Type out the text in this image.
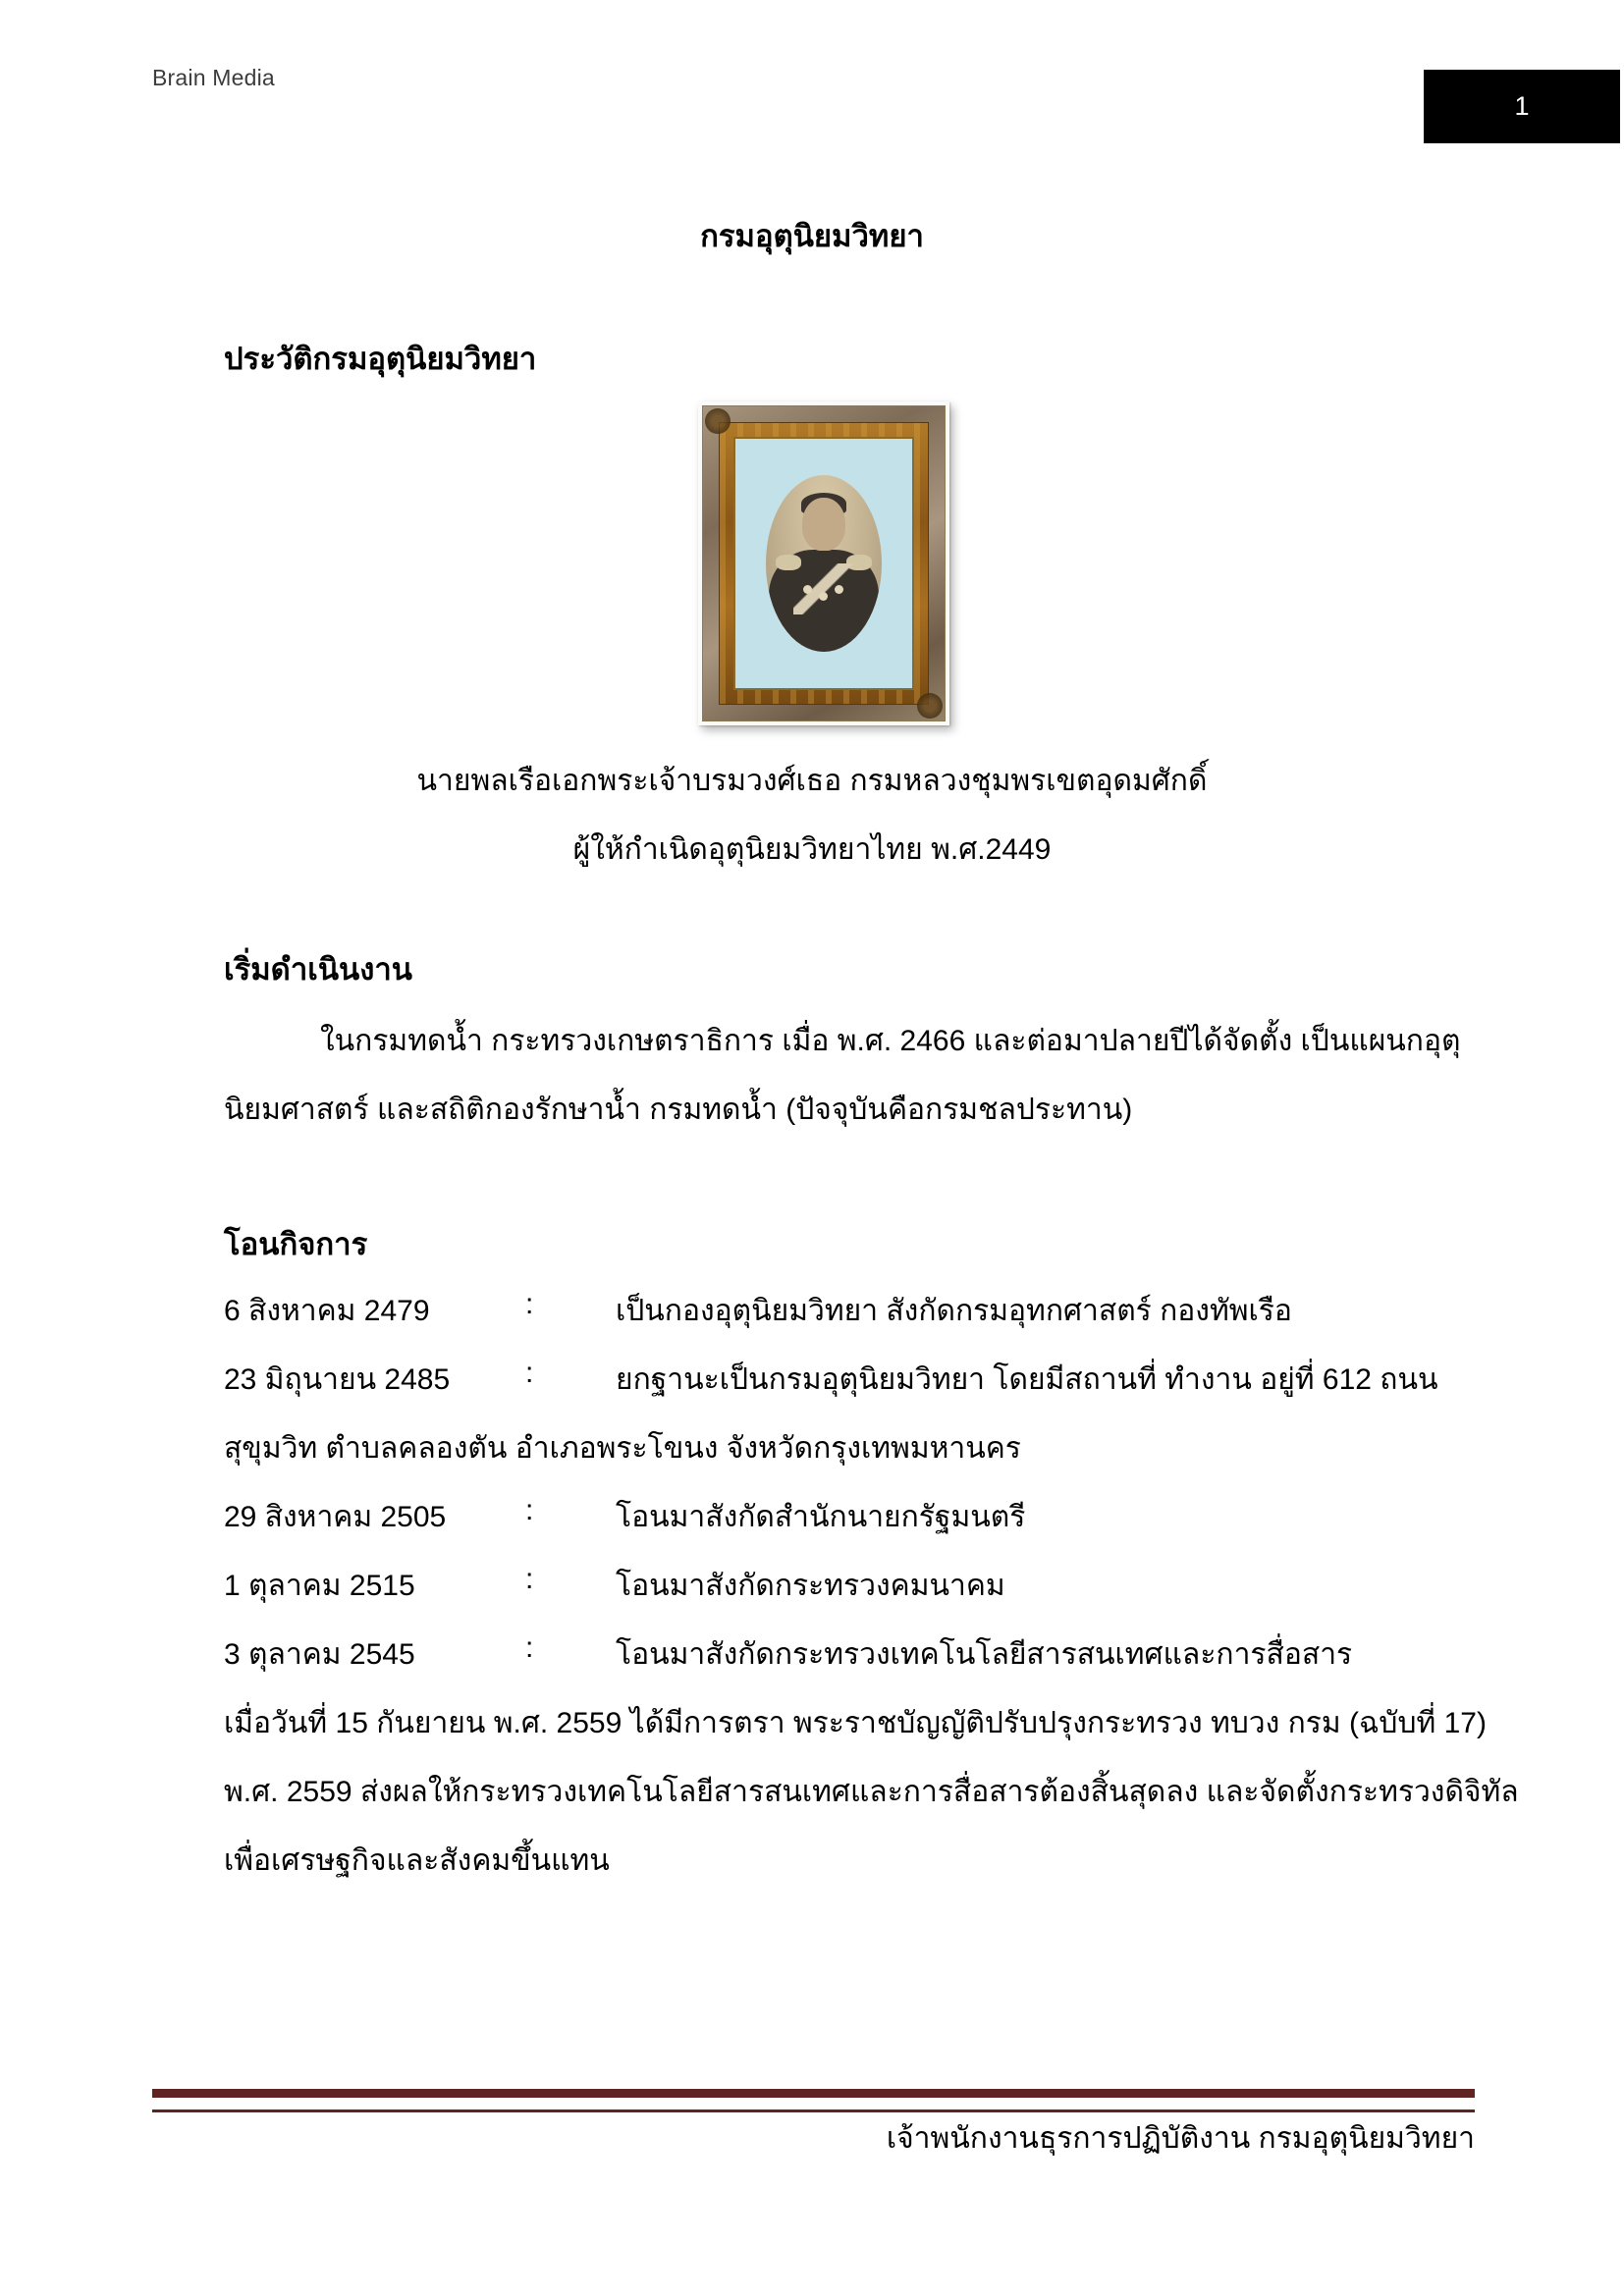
Brain Media
1
กรมอุตุนิยมวิทยา
ประวัติกรมอุตุนิยมวิทยา
นายพลเรือเอกพระเจ้าบรมวงศ์เธอ กรมหลวงชุมพรเขตอุดมศักดิ์
ผู้ให้กำเนิดอุตุนิยมวิทยาไทย พ.ศ.2449
เริ่มดำเนินงาน
ในกรมทดน้ำ กระทรวงเกษตราธิการ เมื่อ พ.ศ. 2466 และต่อมาปลายปีได้จัดตั้ง เป็นแผนกอุตุ
นิยมศาสตร์ และสถิติกองรักษาน้ำ กรมทดน้ำ (ปัจจุบันคือกรมชลประทาน)
โอนกิจการ
6 สิงหาคม 2479	:	เป็นกองอุตุนิยมวิทยา สังกัดกรมอุทกศาสตร์ กองทัพเรือ
23 มิถุนายน 2485	:	ยกฐานะเป็นกรมอุตุนิยมวิทยา โดยมีสถานที่ ทำงาน อยู่ที่ 612 ถนน
สุขุมวิท ตำบลคลองตัน อำเภอพระโขนง จังหวัดกรุงเทพมหานคร
29 สิงหาคม 2505	:	โอนมาสังกัดสำนักนายกรัฐมนตรี
1 ตุลาคม 2515	:	โอนมาสังกัดกระทรวงคมนาคม
3 ตุลาคม 2545	:	โอนมาสังกัดกระทรวงเทคโนโลยีสารสนเทศและการสื่อสาร
เมื่อวันที่ 15 กันยายน พ.ศ. 2559 ได้มีการตรา พระราชบัญญัติปรับปรุงกระทรวง ทบวง กรม (ฉบับที่ 17)
พ.ศ. 2559 ส่งผลให้กระทรวงเทคโนโลยีสารสนเทศและการสื่อสารต้องสิ้นสุดลง และจัดตั้งกระทรวงดิจิทัล
เพื่อเศรษฐกิจและสังคมขึ้นแทน
เจ้าพนักงานธุรการปฏิบัติงาน กรมอุตุนิยมวิทยา
